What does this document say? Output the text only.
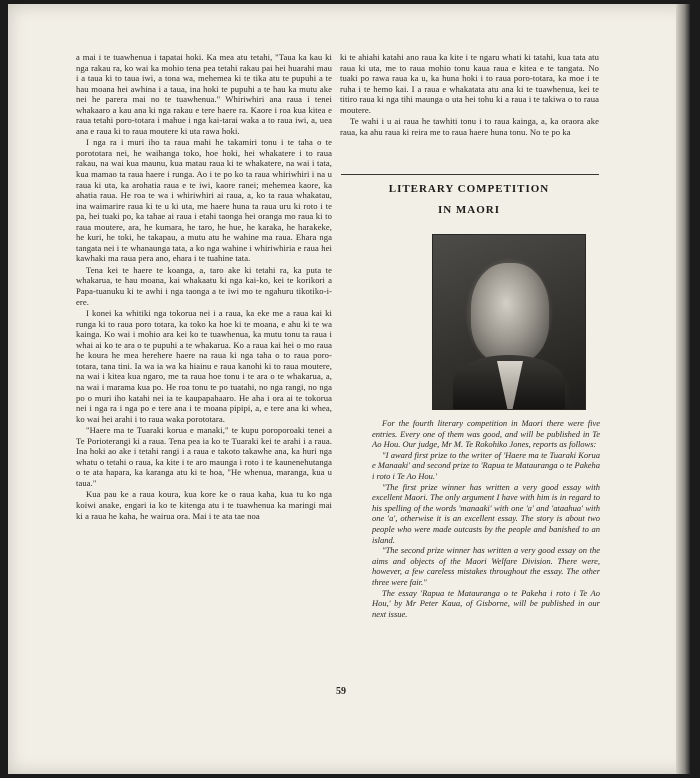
a mai i te tuawhenua i tapatai hoki. Ka mea atu tetahi, "Taua ka kau ki nga rakau ra, ko wai ka mohio tena pea tetahi rakau pai hei huarahi mau i a taua ki to taua iwi, a tona wa, mehemea ki te tika atu te pupuhi a te hau moana hei awhina i a taua, ina hoki te pupuhi a te hau ka mutu ake nei he parera mai no te tuawhenua." Whiriwhiri ana raua i tenei whakaaro a kau ana ki nga rakau e tere haere ra. Kaore i roa kua kitea e raua tetahi poro-totara i mahue i nga kai-tarai waka a to raua iwi, a, uea ana e raua ki to raua moutere ki uta rawa hoki.

I nga ra i muri iho ta raua mahi he takamiri tonu i te taha o te porototara nei, he waihanga toko, hoe hoki, hei whakatere i to raua rakau, na wai kua maunu, kua matau raua ki te whakatere, na wai i tata, kua mamao ta raua haere i runga. Ao i te po ko ta raua whiriwhiri i na u raua ki uta, ka arohatia raua e te iwi, kaore ranei; mehemea kaore, ka ahatia raua. He roa te wa i whiriwhiri ai raua, a, ko ta raua whakatau, ina waimarire raua ki te u ki uta, me haere huna ta raua uru ki roto i te pa, hei tuaki po, ka tahae ai raua i etahi taonga hei oranga mo raua ki to raua moutere, ara, he kumara, he taro, he hue, he karaka, he harakeke, he kuri, he toki, he takapau, a mutu atu he wahine ma raua. Ehara nga tangata nei i te whanaunga tata, a ko nga wahine i whiriwhiria e raua hei kawhaki ma raua pera ano, ehara i te tuahine tata.

Tena kei te haere te koanga, a, taro ake ki tetahi ra, ka puta te whakarua, te hau moana, kai whakaatu ki nga kai-ko, kei te korikori a Papa-tuanuku ki te awhi i nga taonga a te iwi mo te ngahuru tikotiko-i-ere.

I konei ka whitiki nga tokorua nei i a raua, ka eke me a raua kai ki runga ki to raua poro totara, ka toko ka hoe ki te moana, e ahu ki te wa kainga. Ko wai i mohio ara kei ko te tuawhenua, ka mutu tonu ta raua i whai ai ko te ara o te pupuhi a te whakarua. Ko a raua kai hei o mo raua he koura he mea herehere haere na raua ki nga taha o to raua poro-totara, tana tini. Ia wa ia wa ka hiainu e raua kanohi ki to raua moutere, na wai i kitea kua ngaro, me ta raua hoe tonu i te ara o te whakarua, a, na wai i marama kua po. He roa tonu te po tuatahi, no nga rangi, no nga po o muri iho katahi nei ia te kaupapahaaro. He aha i ora ai te tokorua nei i nga ra i nga po e tere ana i te moana pipipi, a, e tere ana ki whea, ko wai hei arahi i to raua waka porototara.

"Haere ma te Tuaraki korua e manaki," te kupu poroporoaki tenei a Te Porioterangi ki a raua. Tena pea ia ko te Tuaraki kei te arahi i a raua. Ina hoki ao ake i tetahi rangi i a raua e takoto takawhe ana, ka huri nga whatu o tetahi o raua, ka kite i te aro maunga i roto i te kaunenehutanga o te ata hapara, ka karanga atu ki te hoa, "He whenua, maranga, kua u taua."

Kua pau ke a raua koura, kua kore ke o raua kaha, kua tu ko nga koiwi anake, engari ia ko te kitenga atu i te tuawhenua ka maringi mai ki a raua he kaha, he wairua ora. Mai i te ata tae noa

ki te ahiahi katahi ano raua ka kite i te ngaru whati ki tatahi, kua tata atu raua ki uta, me to raua mohio tonu kaua raua e kitea e te tangata. No tuaki po rawa raua ka u, ka huna hoki i to raua poro-totara, ka moe i te ruha i te hemo kai. I a raua e whakatata atu ana ki te tuawhenua, kei te titiro raua ki nga tihi maunga o uta hei tohu ki a raua i te takiwa o to raua moutere.

Te wahi i u ai raua he tawhiti tonu i to raua kainga, a, ka oraora ake raua, ka ahu raua ki reira me to raua haere huna tonu. No te po ka

LITERARY COMPETITION
IN MAORI

For the fourth literary competition in Maori there were five entries. Every one of them was good, and will be published in Te Ao Hou. Our judge, Mr M. Te Rokohiko Jones, reports as follows:

"I award first prize to the writer of 'Haere ma te Tuaraki Korua e Manaaki' and second prize to 'Rapua te Matauranga o te Pakeha i roto i Te Ao Hou.'

"The first prize winner has written a very good essay with excellent Maori. The only argument I have with him is in regard to his spelling of the words 'manaaki' with one 'a' and 'ataahua' with one 'a', otherwise it is an excellent essay. The story is about two people who were made outcasts by the people and banished to an island.

"The second prize winner has written a very good essay on the aims and objects of the Maori Welfare Division. There were, however, a few careless mistakes throughout the essay. The other three were fair."

The essay 'Rapua te Matauranga o te Pakeha i roto i Te Ao Hou,' by Mr Peter Kaua, of Gisborne, will be published in our next issue.

59
